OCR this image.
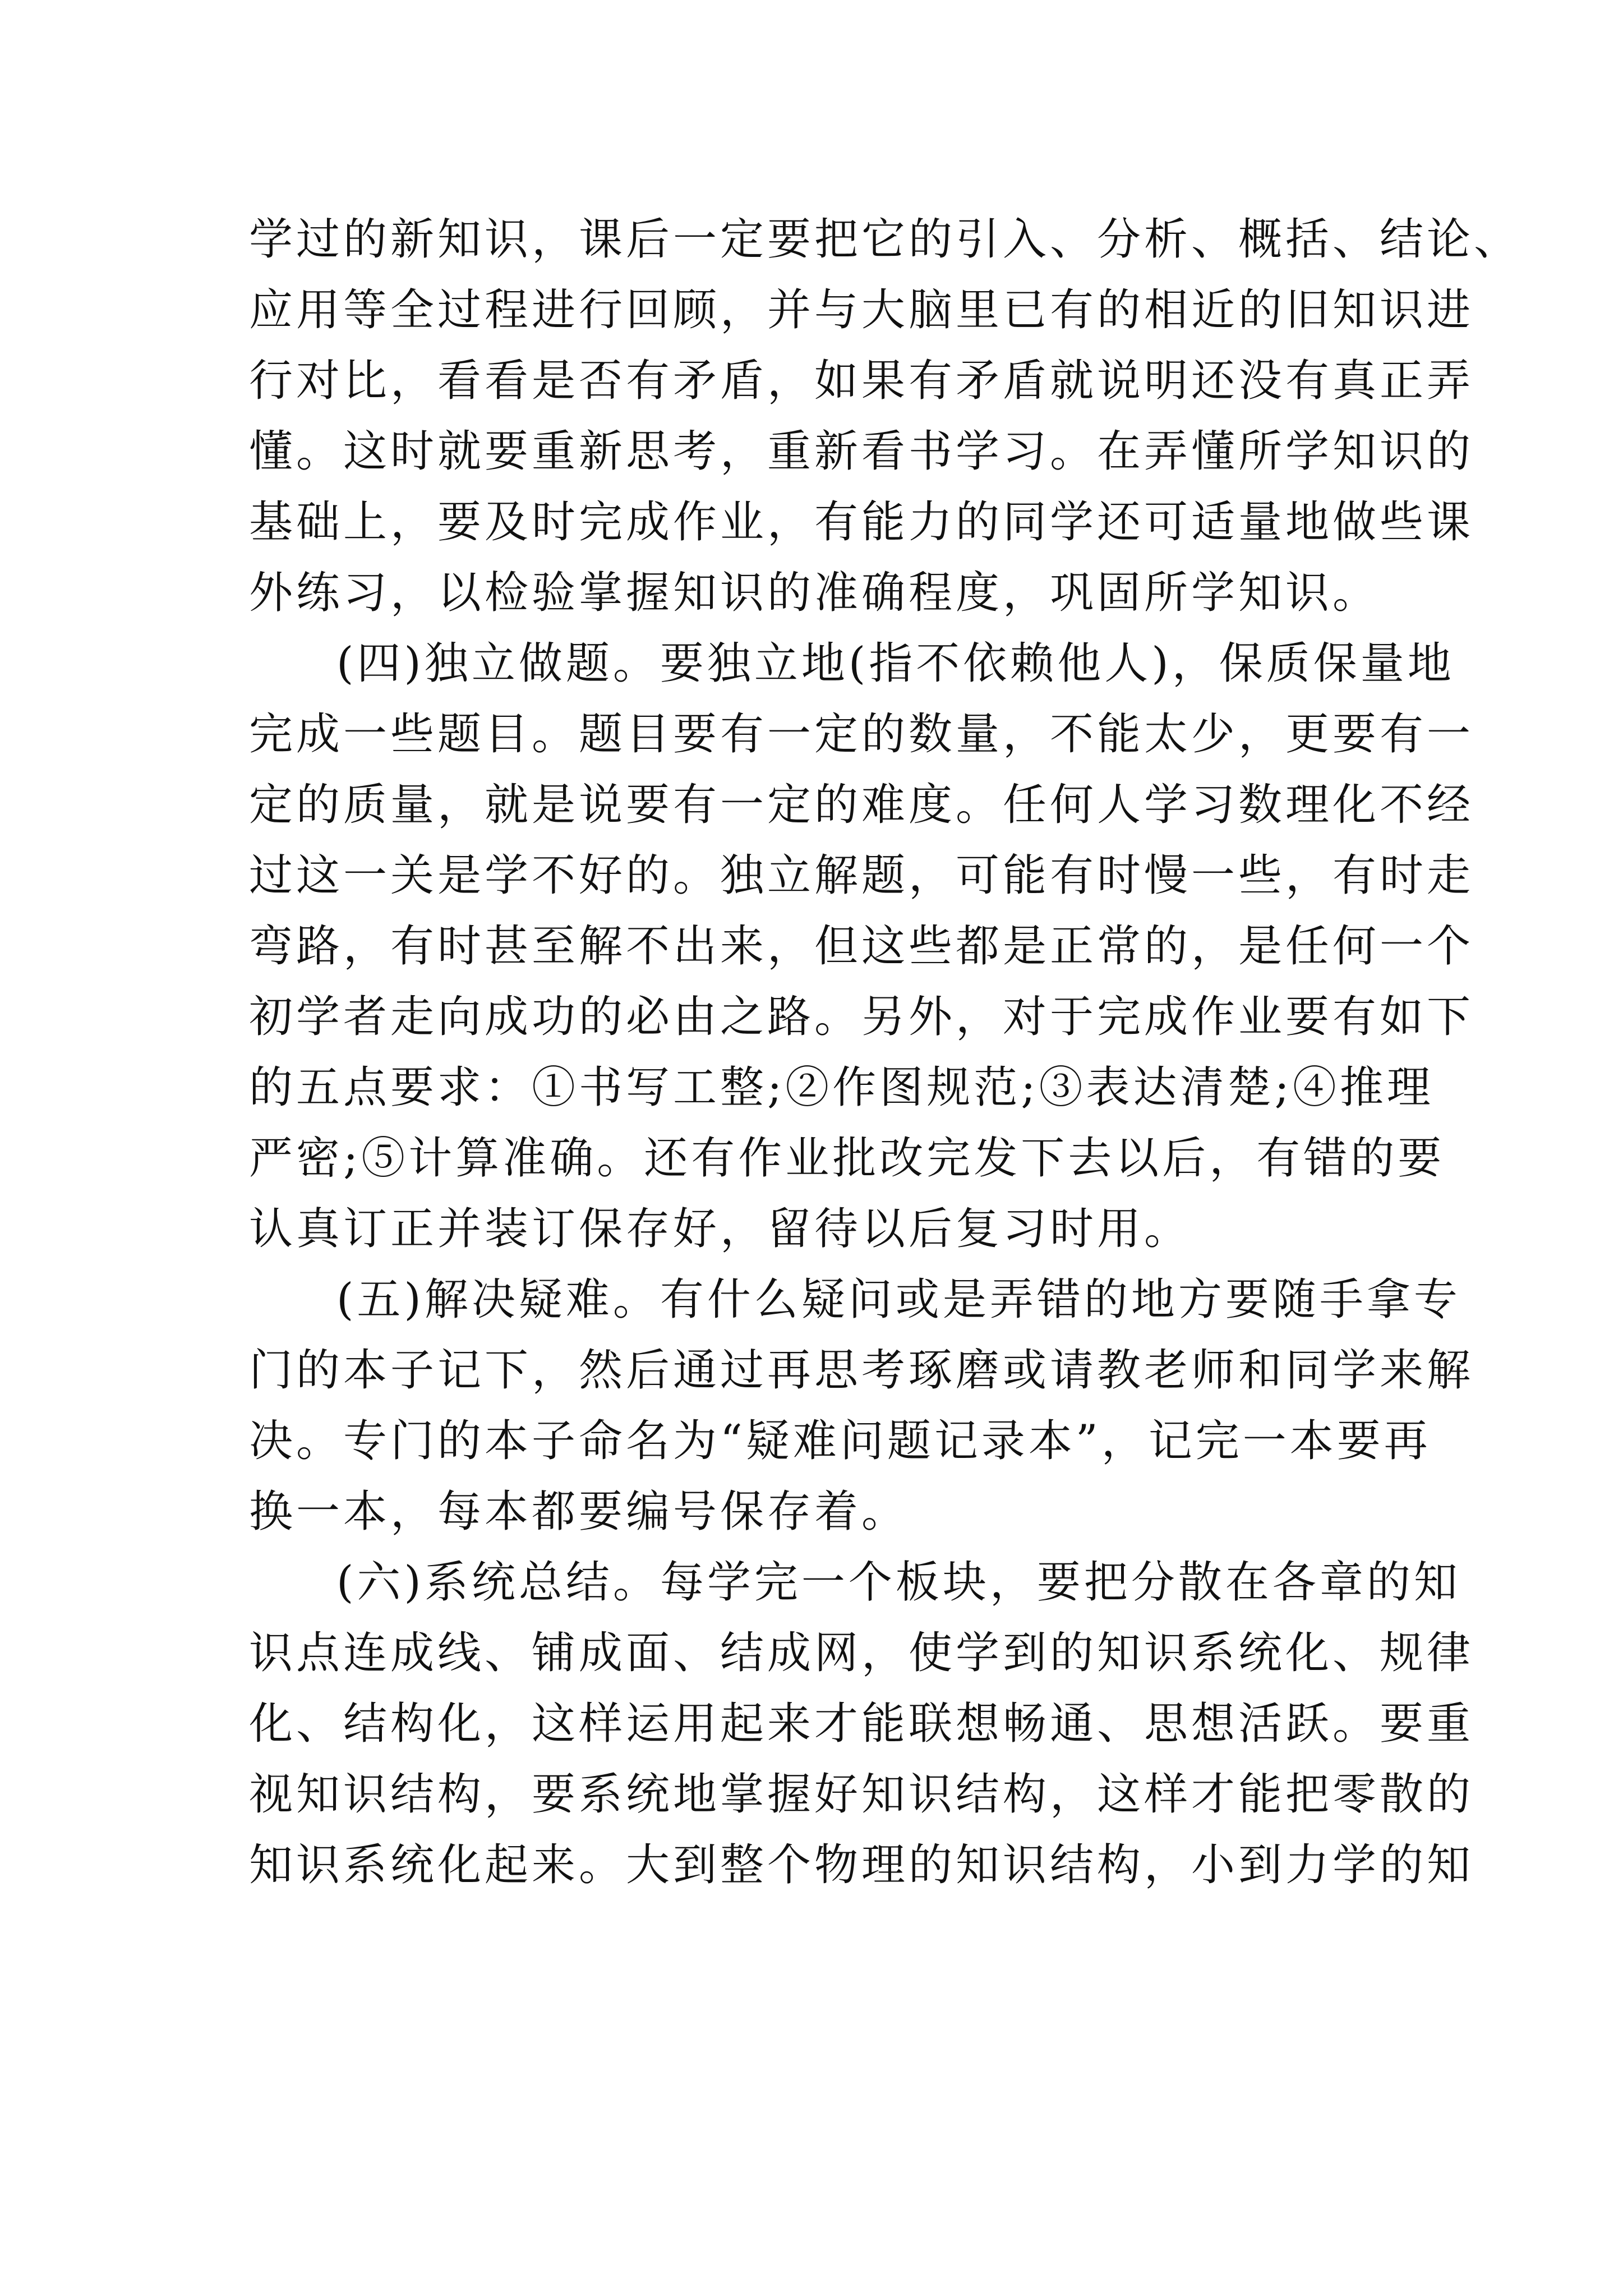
学过的新知识，课后一定要把它的引入、分析、概括、结论、
应用等全过程进行回顾，并与大脑里已有的相近的旧知识进
行对比，看看是否有矛盾，如果有矛盾就说明还没有真正弄
懂。这时就要重新思考，重新看书学习。在弄懂所学知识的
基础上，要及时完成作业，有能力的同学还可适量地做些课
外练习，以检验掌握知识的准确程度，巩固所学知识。
(四)独立做题。要独立地(指不依赖他人)，保质保量地
完成一些题目。题目要有一定的数量，不能太少，更要有一
定的质量，就是说要有一定的难度。任何人学习数理化不经
过这一关是学不好的。独立解题，可能有时慢一些，有时走
弯路，有时甚至解不出来，但这些都是正常的，是任何一个
初学者走向成功的必由之路。另外，对于完成作业要有如下
的五点要求：①书写工整;②作图规范;③表达清楚;④推理
严密;⑤计算准确。还有作业批改完发下去以后，有错的要
认真订正并装订保存好，留待以后复习时用。
(五)解决疑难。有什么疑问或是弄错的地方要随手拿专
门的本子记下，然后通过再思考琢磨或请教老师和同学来解
决。专门的本子命名为“疑难问题记录本”，记完一本要再
换一本，每本都要编号保存着。
(六)系统总结。每学完一个板块，要把分散在各章的知
识点连成线、铺成面、结成网，使学到的知识系统化、规律
化、结构化，这样运用起来才能联想畅通、思想活跃。要重
视知识结构，要系统地掌握好知识结构，这样才能把零散的
知识系统化起来。大到整个物理的知识结构，小到力学的知
